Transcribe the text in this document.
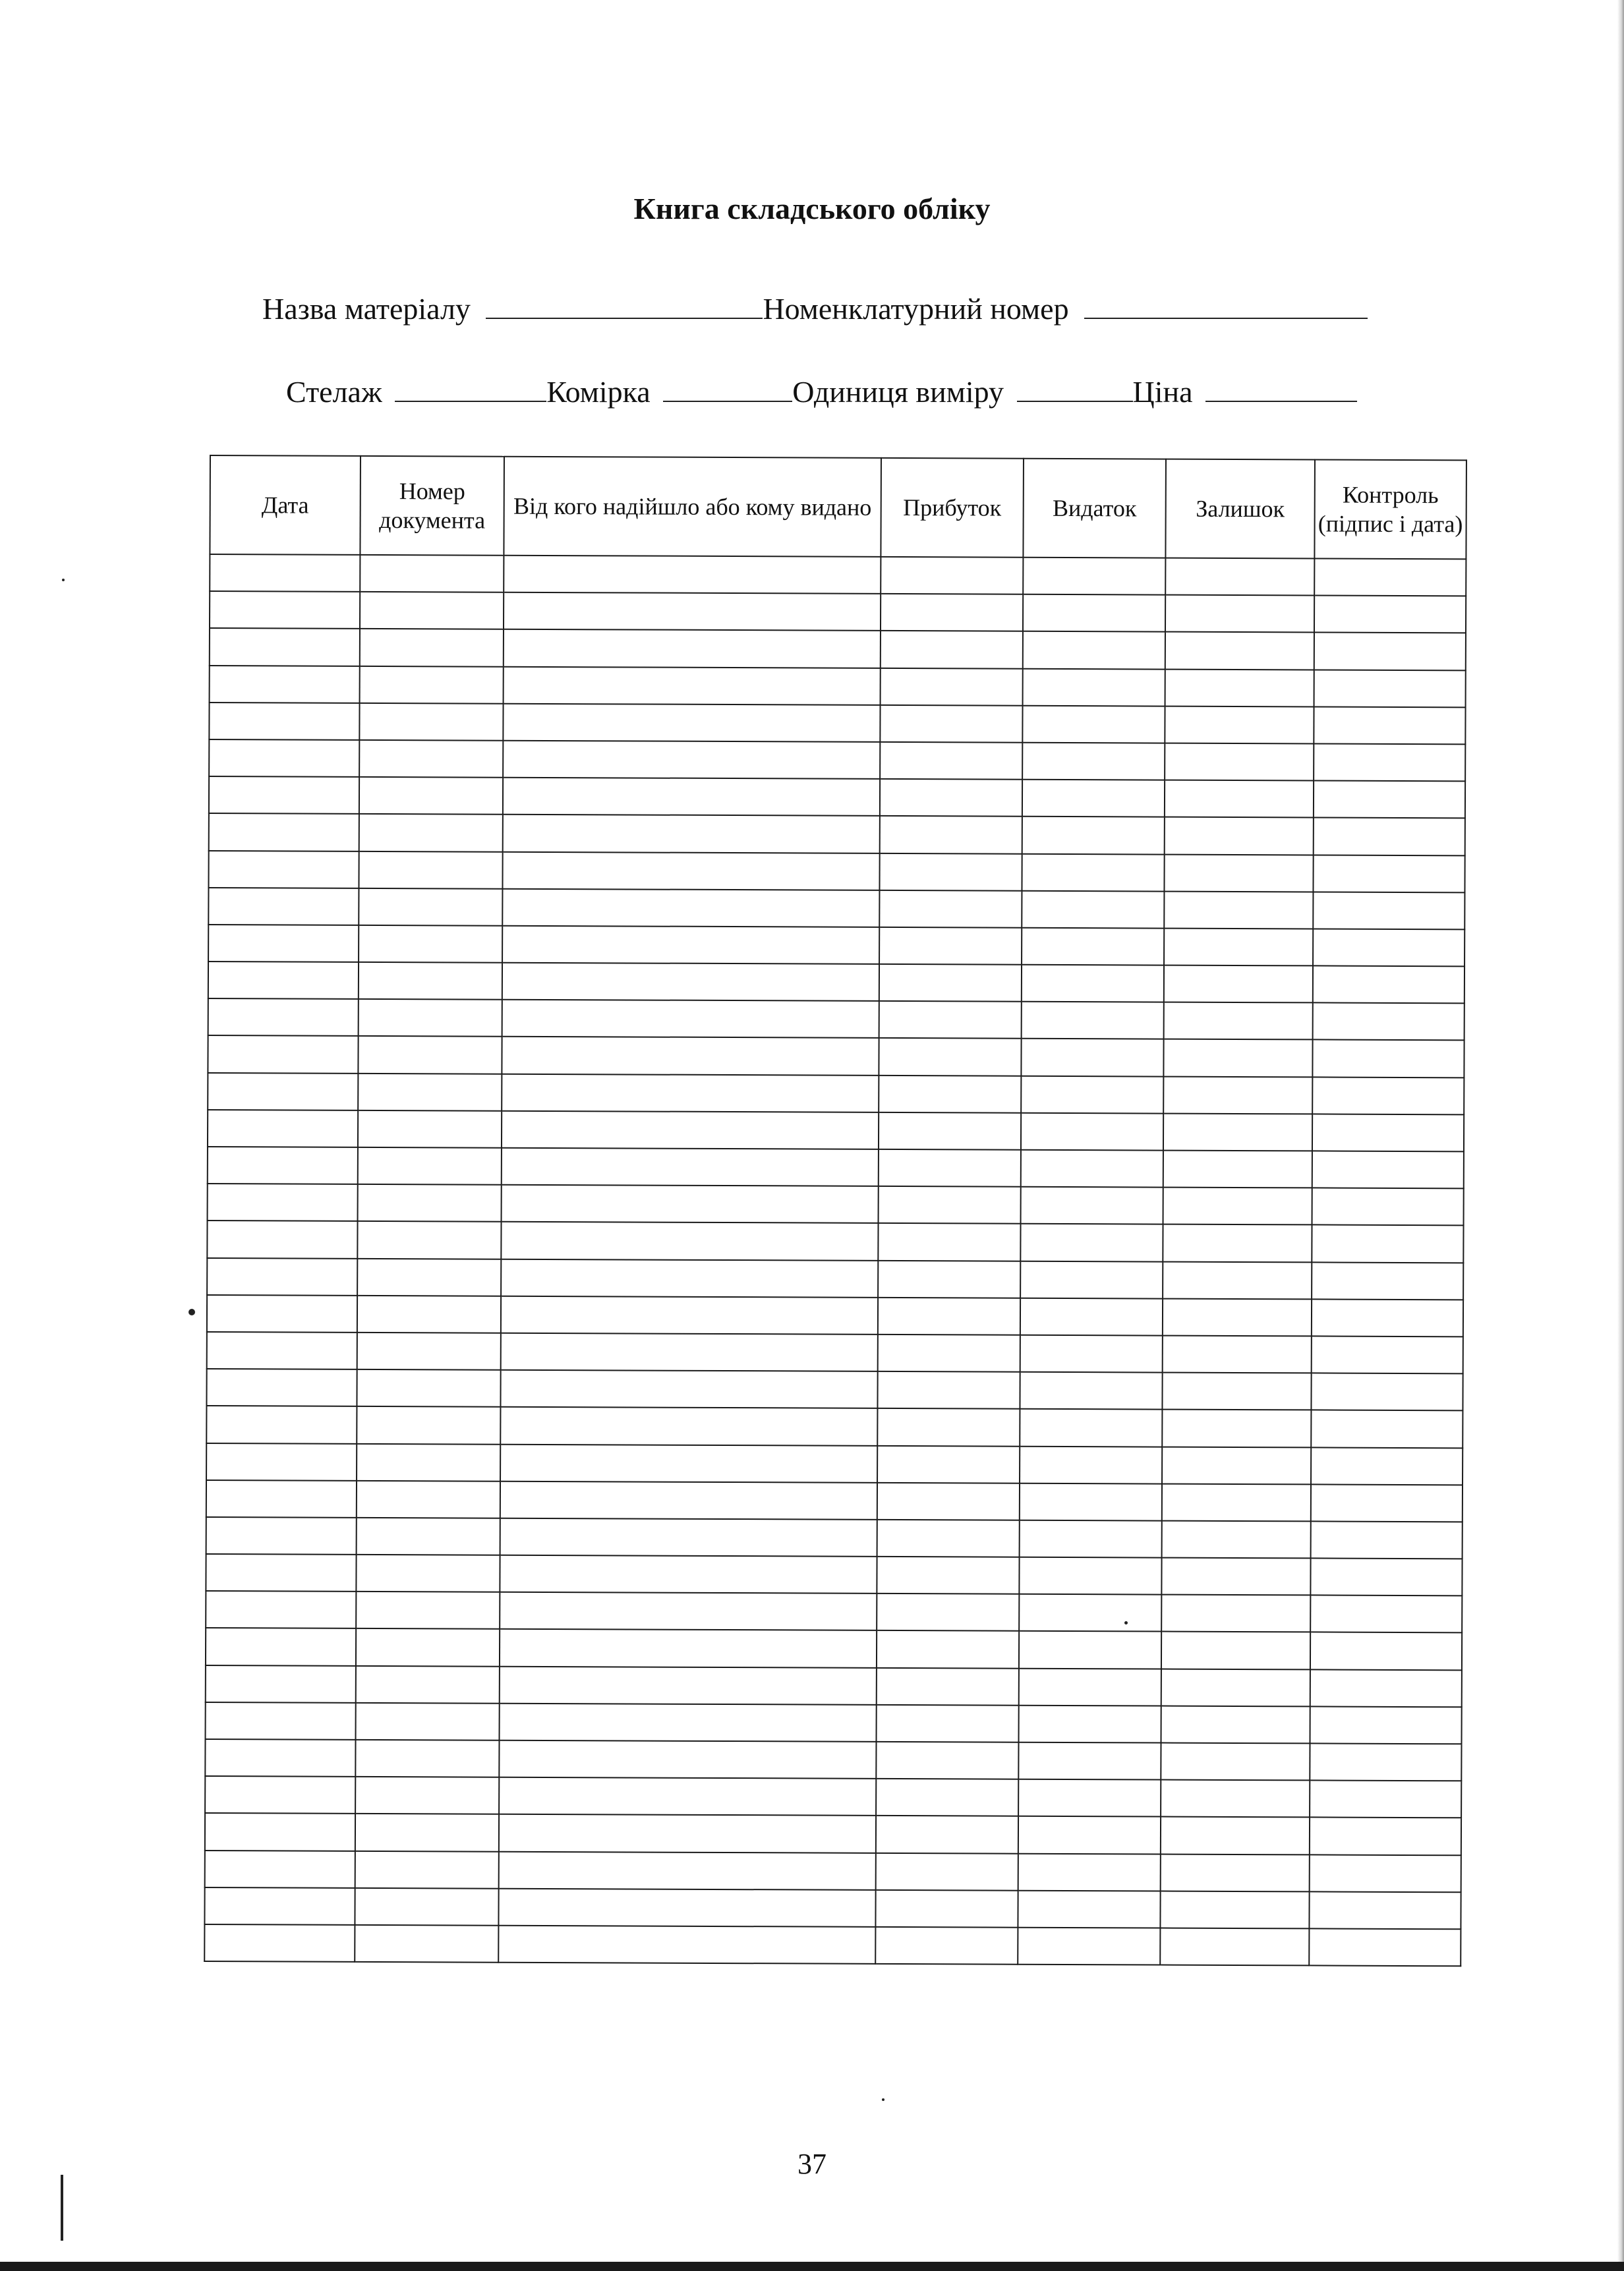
Книга складського обліку
Назва матеріалу	Номенклатурний номер
Стелаж	Комірка	Одиниця виміру	Ціна
Дата	Номер документа	Від кого надійшло або кому видано	Прибуток	Видаток	Залишок	Контроль (підпис і дата)

37
